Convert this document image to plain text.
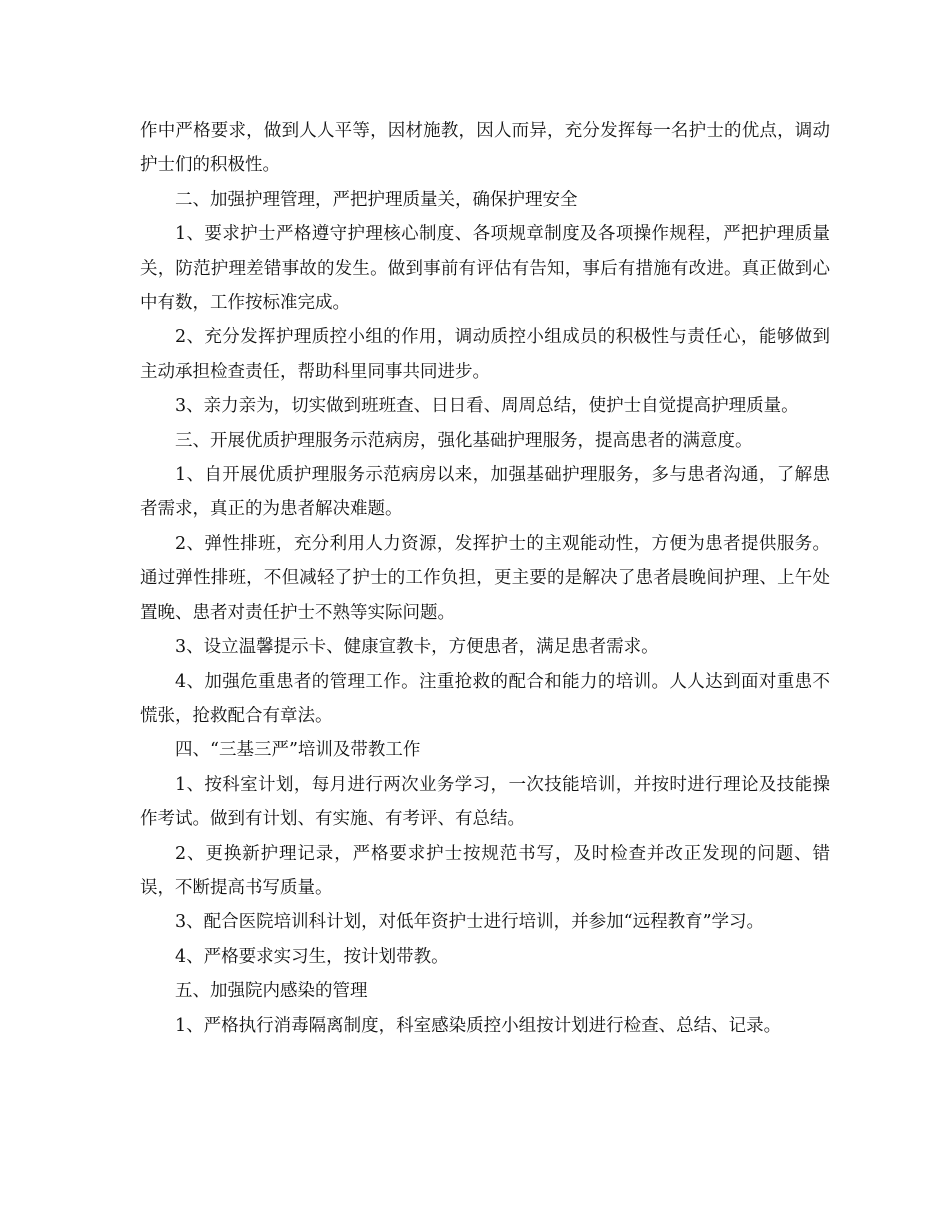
作中严格要求，做到人人平等，因材施教，因人而异，充分发挥每一名护士的优点，调动护士们的积极性。

二、加强护理管理，严把护理质量关，确保护理安全

1、要求护士严格遵守护理核心制度、各项规章制度及各项操作规程，严把护理质量关，防范护理差错事故的发生。做到事前有评估有告知，事后有措施有改进。真正做到心中有数，工作按标准完成。

2、充分发挥护理质控小组的作用，调动质控小组成员的积极性与责任心，能够做到主动承担检查责任，帮助科里同事共同进步。

3、亲力亲为，切实做到班班查、日日看、周周总结，使护士自觉提高护理质量。

三、开展优质护理服务示范病房，强化基础护理服务，提高患者的满意度。

1、自开展优质护理服务示范病房以来，加强基础护理服务，多与患者沟通，了解患者需求，真正的为患者解决难题。

2、弹性排班，充分利用人力资源，发挥护士的主观能动性，方便为患者提供服务。通过弹性排班，不但减轻了护士的工作负担，更主要的是解决了患者晨晚间护理、上午处置晚、患者对责任护士不熟等实际问题。

3、设立温馨提示卡、健康宣教卡，方便患者，满足患者需求。

4、加强危重患者的管理工作。注重抢救的配合和能力的培训。人人达到面对重患不慌张，抢救配合有章法。

四、“三基三严”培训及带教工作

1、按科室计划，每月进行两次业务学习，一次技能培训，并按时进行理论及技能操作考试。做到有计划、有实施、有考评、有总结。

2、更换新护理记录，严格要求护士按规范书写，及时检查并改正发现的问题、错误，不断提高书写质量。

3、配合医院培训科计划，对低年资护士进行培训，并参加“远程教育”学习。

4、严格要求实习生，按计划带教。

五、加强院内感染的管理

1、严格执行消毒隔离制度，科室感染质控小组按计划进行检查、总结、记录。
